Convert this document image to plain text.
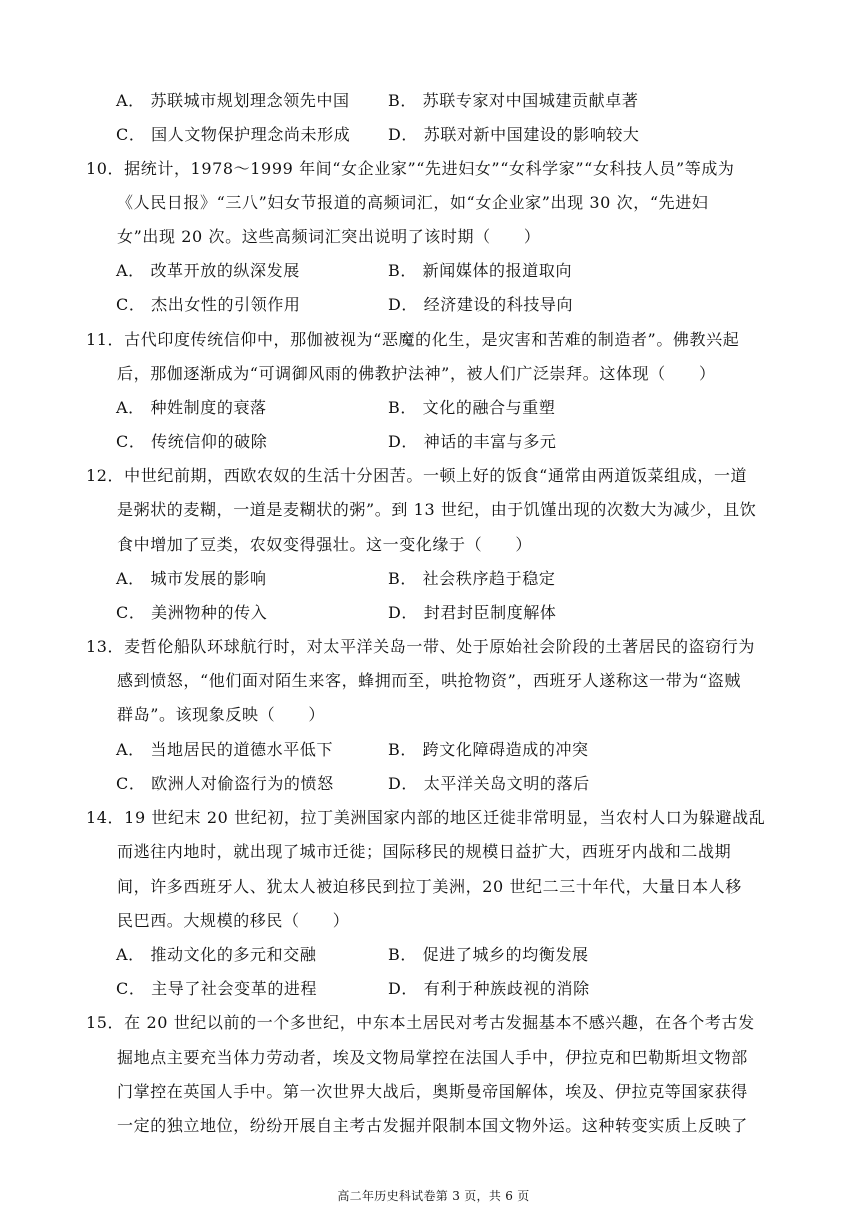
A． 苏联城市规划理念领先中国 B． 苏联专家对中国城建贡献卓著
C． 国人文物保护理念尚未形成 D． 苏联对新中国建设的影响较大
10．据统计，1978～1999 年间“女企业家”“先进妇女”“女科学家”“女科技人员”等成为
《人民日报》“三八”妇女节报道的高频词汇，如“女企业家”出现 30 次，“先进妇
女”出现 20 次。这些高频词汇突出说明了该时期（　　）
A． 改革开放的纵深发展	B． 新闻媒体的报道取向
C． 杰出女性的引领作用	D． 经济建设的科技导向
11．古代印度传统信仰中，那伽被视为“恶魔的化生，是灾害和苦难的制造者”。佛教兴起
后，那伽逐渐成为“可调御风雨的佛教护法神”，被人们广泛崇拜。这体现（　　）
A． 种姓制度的衰落	B． 文化的融合与重塑
C． 传统信仰的破除	D． 神话的丰富与多元
12．中世纪前期，西欧农奴的生活十分困苦。一顿上好的饭食“通常由两道饭菜组成，一道
是粥状的麦糊，一道是麦糊状的粥”。到 13 世纪，由于饥馑出现的次数大为减少，且饮
食中增加了豆类，农奴变得强壮。这一变化缘于（　　）
A． 城市发展的影响	B． 社会秩序趋于稳定
C． 美洲物种的传入	D． 封君封臣制度解体
13．麦哲伦船队环球航行时，对太平洋关岛一带、处于原始社会阶段的土著居民的盗窃行为
感到愤怒，“他们面对陌生来客，蜂拥而至，哄抢物资”，西班牙人遂称这一带为“盗贼
群岛”。该现象反映（　　）
A． 当地居民的道德水平低下	B． 跨文化障碍造成的冲突
C． 欧洲人对偷盗行为的愤怒	D． 太平洋关岛文明的落后
14．19 世纪末 20 世纪初，拉丁美洲国家内部的地区迁徙非常明显，当农村人口为躲避战乱
而逃往内地时，就出现了城市迁徙；国际移民的规模日益扩大，西班牙内战和二战期
间，许多西班牙人、犹太人被迫移民到拉丁美洲，20 世纪二三十年代，大量日本人移
民巴西。大规模的移民（　　）
A． 推动文化的多元和交融	B． 促进了城乡的均衡发展
C． 主导了社会变革的进程	D． 有利于种族歧视的消除
15．在 20 世纪以前的一个多世纪，中东本土居民对考古发掘基本不感兴趣，在各个考古发
掘地点主要充当体力劳动者，埃及文物局掌控在法国人手中，伊拉克和巴勒斯坦文物部
门掌控在英国人手中。第一次世界大战后，奥斯曼帝国解体，埃及、伊拉克等国家获得
一定的独立地位，纷纷开展自主考古发掘并限制本国文物外运。这种转变实质上反映了
高二年历史科试卷第 3 页，共 6 页
